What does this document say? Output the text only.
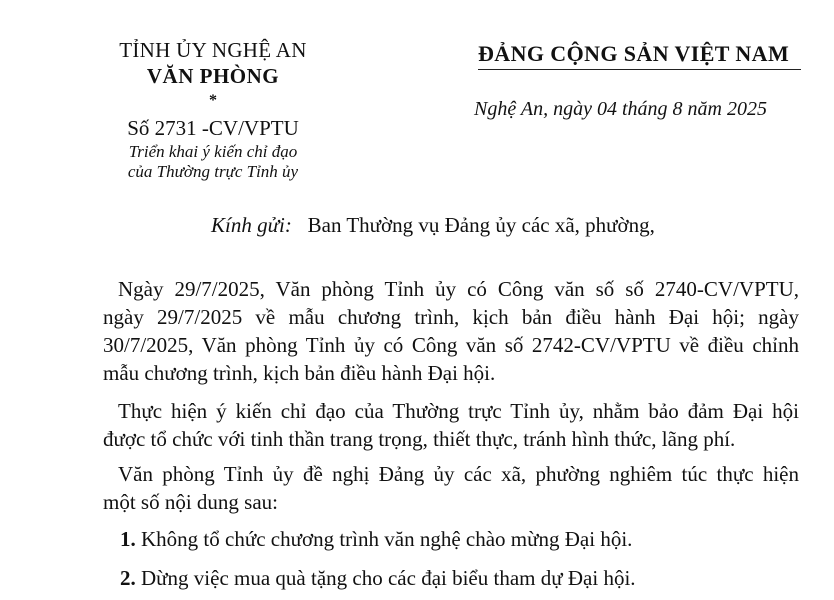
TỈNH ỦY NGHỆ AN
VĂN PHÒNG
*
Số 2731 -CV/VPTU
Triển khai ý kiến chỉ đạo
của Thường trực Tỉnh ủy
ĐẢNG CỘNG SẢN VIỆT NAM
Nghệ An, ngày 04 tháng 8 năm 2025
Kính gửi: Ban Thường vụ Đảng ủy các xã, phường,
Ngày 29/7/2025, Văn phòng Tỉnh ủy có Công văn số số 2740-CV/VPTU,
ngày 29/7/2025 về mẫu chương trình, kịch bản điều hành Đại hội; ngày
30/7/2025, Văn phòng Tỉnh ủy có Công văn số 2742-CV/VPTU về điều chỉnh
mẫu chương trình, kịch bản điều hành Đại hội.
Thực hiện ý kiến chỉ đạo của Thường trực Tỉnh ủy, nhằm bảo đảm Đại hội
được tổ chức với tinh thần trang trọng, thiết thực, tránh hình thức, lãng phí.
Văn phòng Tỉnh ủy đề nghị Đảng ủy các xã, phường nghiêm túc thực hiện
một số nội dung sau:
1. Không tổ chức chương trình văn nghệ chào mừng Đại hội.
2. Dừng việc mua quà tặng cho các đại biểu tham dự Đại hội.
